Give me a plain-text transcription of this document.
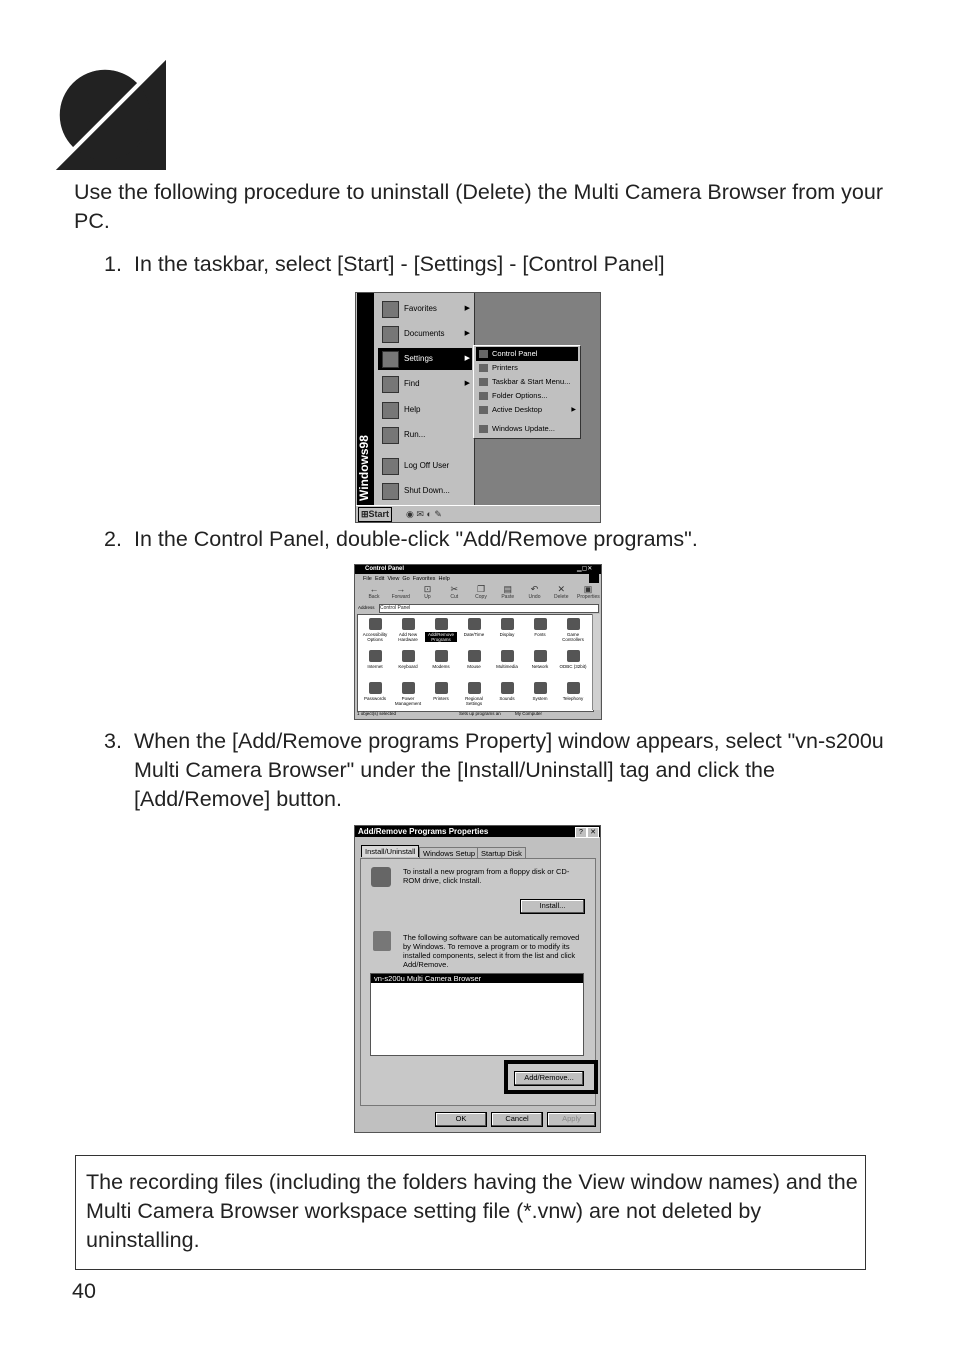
Use the following procedure to uninstall (Delete) the Multi Camera Browser from your PC.
1. In the taskbar, select [Start] - [Settings] - [Control Panel]
Windows98
Favorites	▶
Documents	▶
Settings	▶
Find	▶
Help
Run...
Log Off User
Shut Down...
Control Panel
Printers
Taskbar & Start Menu...
Folder Options...
Active Desktop	▶
Windows Update...
⊞Start	◉ ✉ ◐ ✎
2. In the Control Panel, double-click "Add/Remove programs".
Control Panel	▁▢✕
File Edit View Go Favorites Help
←
Back
→
Forward
⊡
Up
✂
Cut
❐
Copy
▤
Paste
↶
Undo
✕
Delete
▣
Properties
Address	Control Panel
Accessibility Options
Add New Hardware
Add/Remove Programs
Date/Time	Display	Fonts	Game Controllers
Internet	Keyboard	Modems	Mouse	Multimedia	Network	ODBC (32bit)
Passwords	Power Management
Printers	Regional Settings
Sounds	System	Telephony
1 object(s) selected	Sets up programs an	My Computer
3. When the [Add/Remove programs Property] window appears, select "vn-s200u Multi Camera Browser" under the [Install/Uninstall] tag and click the [Add/Remove] button.
Add/Remove Programs Properties	?	✕
Install/Uninstall	Windows Setup Startup Disk
To install a new program from a floppy disk or CD-ROM drive, click Install.
Install...
The following software can be automatically removed by Windows. To remove a program or to modify its installed components, select it from the list and click Add/Remove.
vn-s200u Multi Camera Browser
Add/Remove...
OK	Cancel	Apply
The recording files (including the folders having the View window names) and the Multi Camera Browser workspace setting file (*.vnw) are not deleted by uninstalling.
40
